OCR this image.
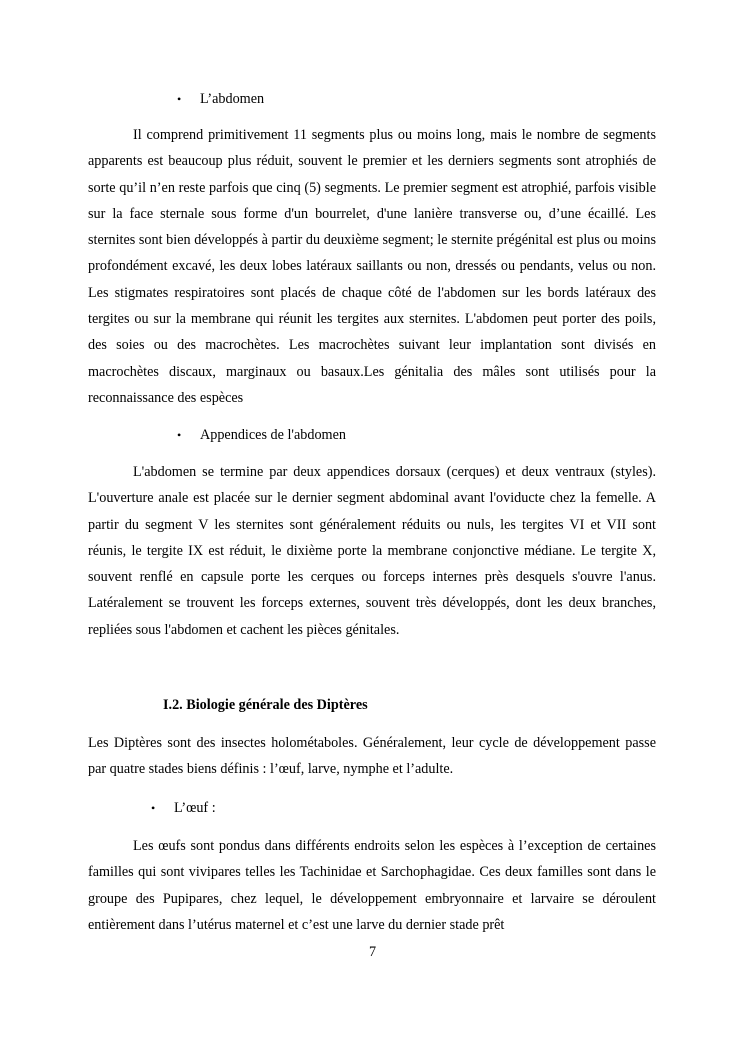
• L’abdomen

Il comprend primitivement 11 segments plus ou moins long, mais le nombre de segments apparents est beaucoup plus réduit, souvent le premier et les derniers segments sont atrophiés de sorte qu’il n’en reste parfois que cinq (5) segments. Le premier segment est atrophié, parfois visible sur la face sternale sous forme d'un bourrelet, d'une lanière transverse ou, d’une écaillé. Les sternites sont bien développés à partir du deuxième segment; le sternite prégénital est plus ou moins profondément excavé, les deux lobes latéraux saillants ou non, dressés ou pendants, velus ou non. Les stigmates respiratoires sont placés de chaque côté de l'abdomen sur les bords latéraux des tergites ou sur la membrane qui réunit les tergites aux sternites. L'abdomen peut porter des poils, des soies ou des macrochètes. Les macrochètes suivant leur implantation sont divisés en macrochètes discaux, marginaux ou basaux.Les génitalia des mâles sont utilisés pour la reconnaissance des espèces

• Appendices de l'abdomen

L'abdomen se termine par deux appendices dorsaux (cerques) et deux ventraux (styles). L'ouverture anale est placée sur le dernier segment abdominal avant l'oviducte chez la femelle. A partir du segment V les sternites sont généralement réduits ou nuls, les tergites VI et VII sont réunis, le tergite IX est réduit, le dixième porte la membrane conjonctive médiane. Le tergite X, souvent renflé en capsule porte les cerques ou forceps internes près desquels s'ouvre l'anus. Latéralement se trouvent les forceps externes, souvent très développés, dont les deux branches, repliées sous l'abdomen et cachent les pièces génitales.

I.2. Biologie générale des Diptères

Les Diptères sont des insectes holométaboles. Généralement, leur cycle de développement passe par quatre stades biens définis : l’œuf, larve, nymphe et l’adulte.

• L’œuf :

Les œufs sont pondus dans différents endroits selon les espèces à l’exception de certaines familles qui sont vivipares telles les Tachinidae et Sarchophagidae. Ces deux familles sont dans le groupe des Pupipares, chez lequel, le développement embryonnaire et larvaire se déroulent entièrement dans l’utérus maternel et c’est une larve du dernier stade prêt

7
